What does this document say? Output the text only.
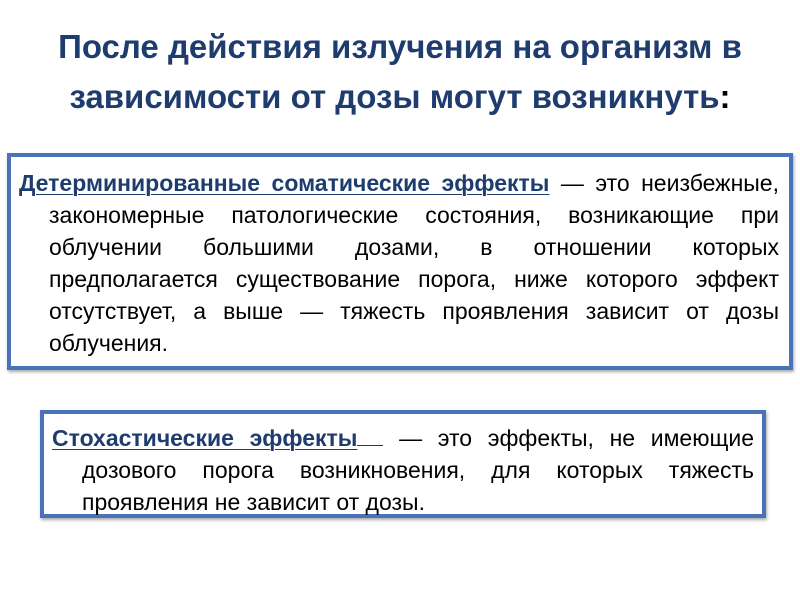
После действия излучения на организм в зависимости от дозы могут возникнуть:
Детерминированные соматические эффекты — это неизбежные, закономерные патологические состояния, возникающие при облучении большими дозами, в отношении которых предполагается существование порога, ниже которого эффект отсутствует, а выше — тяжесть проявления зависит от дозы облучения.
Стохастические эффекты — это эффекты, не имеющие дозового порога возникновения, для которых тяжесть проявления не зависит от дозы.
